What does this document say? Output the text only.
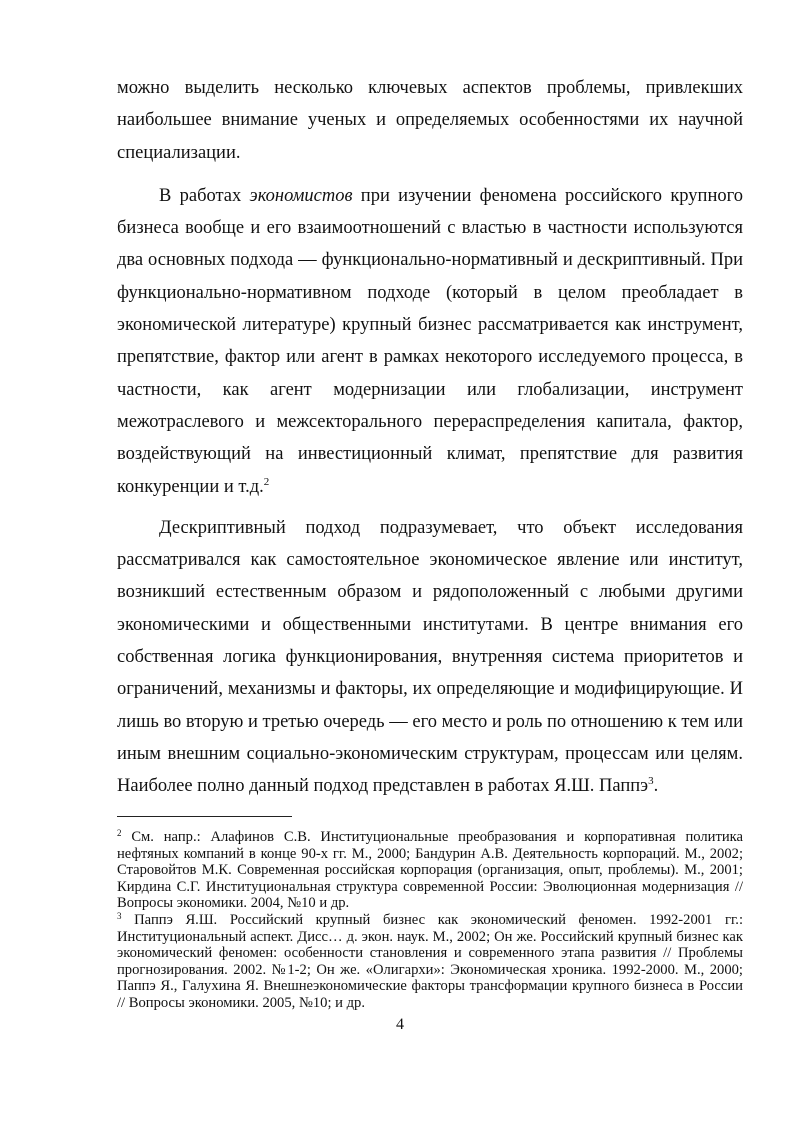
можно выделить несколько ключевых аспектов проблемы, привлекших наибольшее внимание ученых и определяемых особенностями их научной специализации.

В работах экономистов при изучении феномена российского крупного бизнеса вообще и его взаимоотношений с властью в частности используются два основных подхода — функционально-нормативный и дескриптивный. При функционально-нормативном подходе (который в целом преобладает в экономической литературе) крупный бизнес рассматривается как инструмент, препятствие, фактор или агент в рамках некоторого исследуемого процесса, в частности, как агент модернизации или глобализации, инструмент межотраслевого и межсекторального перераспределения капитала, фактор, воздействующий на инвестиционный климат, препятствие для развития конкуренции и т.д.$^2$

Дескриптивный подход подразумевает, что объект исследования рассматривался как самостоятельное экономическое явление или институт, возникший естественным образом и рядоположенный с любыми другими экономическими и общественными институтами. В центре внимания его собственная логика функционирования, внутренняя система приоритетов и ограничений, механизмы и факторы, их определяющие и модифицирующие. И лишь во вторую и третью очередь — его место и роль по отношению к тем или иным внешним социально-экономическим структурам, процессам или целям. Наиболее полно данный подход представлен в работах Я.Ш. Паппэ$^3$.

$^2$ См. напр.: Алафинов С.В. Институциональные преобразования и корпоративная политика нефтяных компаний в конце 90-х гг. М., 2000; Бандурин А.В. Деятельность корпораций. М., 2002; Старовойтов М.К. Современная российская корпорация (организация, опыт, проблемы). М., 2001; Кирдина С.Г. Институциональная структура современной России: Эволюционная модернизация // Вопросы экономики. 2004, №10 и др.

$^3$ Паппэ Я.Ш. Российский крупный бизнес как экономический феномен. 1992-2001 гг.: Институциональный аспект. Дисс… д. экон. наук. М., 2002; Он же. Российский крупный бизнес как экономический феномен: особенности становления и современного этапа развития // Проблемы прогнозирования. 2002. №1-2; Он же. «Олигархи»: Экономическая хроника. 1992-2000. М., 2000; Паппэ Я., Галухина Я. Внешнеэкономические факторы трансформации крупного бизнеса в России // Вопросы экономики. 2005, №10; и др.

4
